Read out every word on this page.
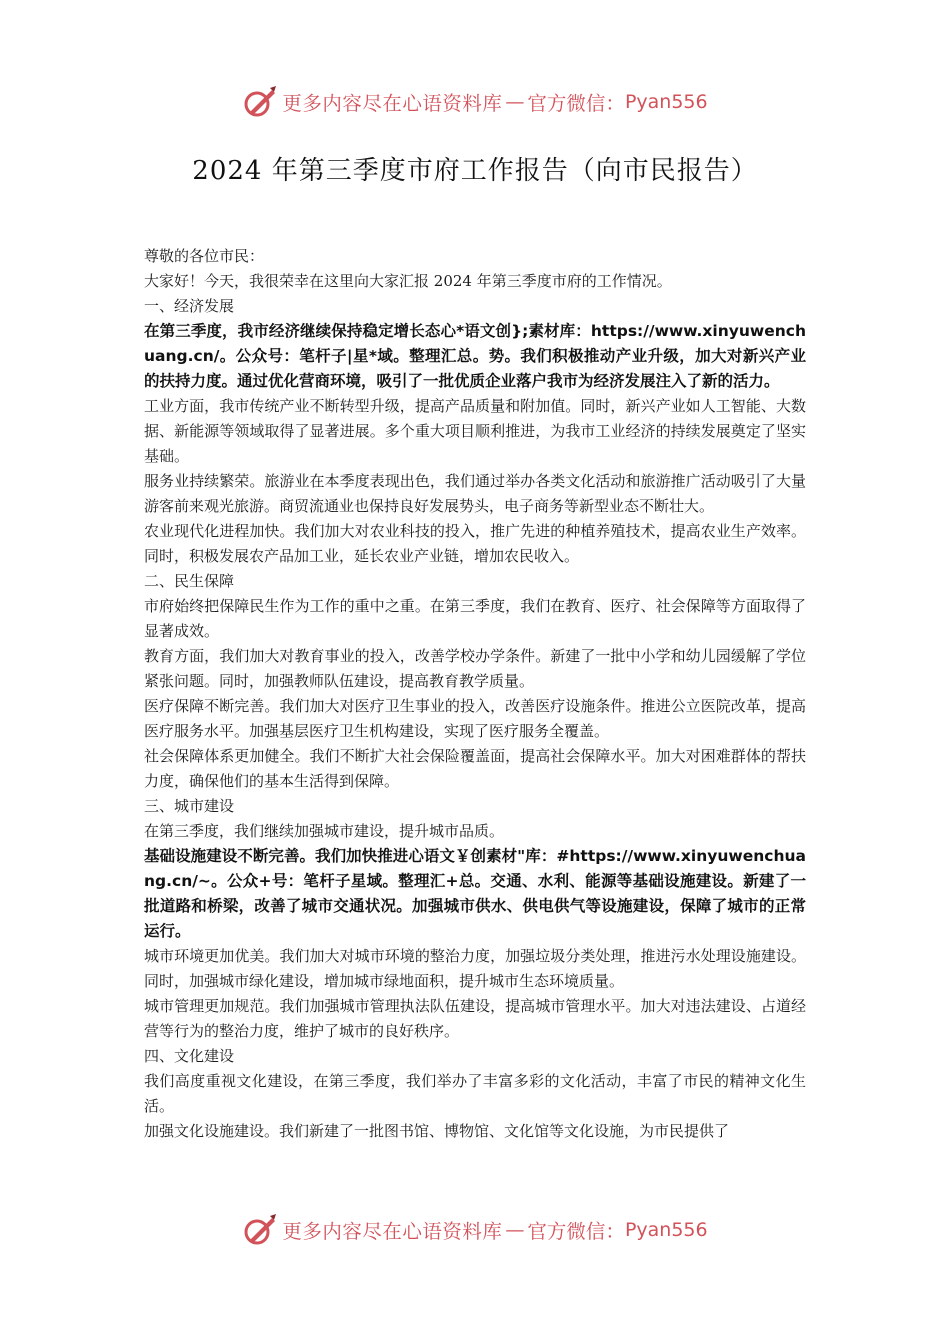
更多内容尽在心语资料库 — 官方微信： Pyan556
2024 年第三季度市府工作报告（向市民报告）

尊敬的各位市民：

大家好！今天，我很荣幸在这里向大家汇报 2024 年第三季度市府的工作情况。

一、经济发展

在第三季度，我市经济继续保持稳定增长态心*语文创};素材库：https://www.xinyuwenchuang.cn/。公众号：笔杆子|星*域。整理汇总。势。我们积极推动产业升级，加大对新兴产业的扶持力度。通过优化营商环境，吸引了一批优质企业落户我市为经济发展注入了新的活力。

工业方面，我市传统产业不断转型升级，提高产品质量和附加值。同时，新兴产业如人工智能、大数据、新能源等领域取得了显著进展。多个重大项目顺利推进，为我市工业经济的持续发展奠定了坚实基础。

服务业持续繁荣。旅游业在本季度表现出色，我们通过举办各类文化活动和旅游推广活动吸引了大量游客前来观光旅游。商贸流通业也保持良好发展势头，电子商务等新型业态不断壮大。

农业现代化进程加快。我们加大对农业科技的投入，推广先进的种植养殖技术，提高农业生产效率。同时，积极发展农产品加工业，延长农业产业链，增加农民收入。

二、民生保障

市府始终把保障民生作为工作的重中之重。在第三季度，我们在教育、医疗、社会保障等方面取得了显著成效。

教育方面，我们加大对教育事业的投入，改善学校办学条件。新建了一批中小学和幼儿园缓解了学位紧张问题。同时，加强教师队伍建设，提高教育教学质量。

医疗保障不断完善。我们加大对医疗卫生事业的投入，改善医疗设施条件。推进公立医院改革，提高医疗服务水平。加强基层医疗卫生机构建设，实现了医疗服务全覆盖。

社会保障体系更加健全。我们不断扩大社会保险覆盖面，提高社会保障水平。加大对困难群体的帮扶力度，确保他们的基本生活得到保障。

三、城市建设

在第三季度，我们继续加强城市建设，提升城市品质。

基础设施建设不断完善。我们加快推进心语文￥创素材"库：#https://www.xinyuwenchuang.cn/~。公众+号：笔杆子星域。整理汇+总。交通、水利、能源等基础设施建设。新建了一批道路和桥梁，改善了城市交通状况。加强城市供水、供电供气等设施建设，保障了城市的正常运行。

城市环境更加优美。我们加大对城市环境的整治力度，加强垃圾分类处理，推进污水处理设施建设。同时，加强城市绿化建设，增加城市绿地面积，提升城市生态环境质量。

城市管理更加规范。我们加强城市管理执法队伍建设，提高城市管理水平。加大对违法建设、占道经营等行为的整治力度，维护了城市的良好秩序。

四、文化建设

我们高度重视文化建设，在第三季度，我们举办了丰富多彩的文化活动，丰富了市民的精神文化生活。

加强文化设施建设。我们新建了一批图书馆、博物馆、文化馆等文化设施，为市民提供了

更多内容尽在心语资料库 — 官方微信： Pyan556
